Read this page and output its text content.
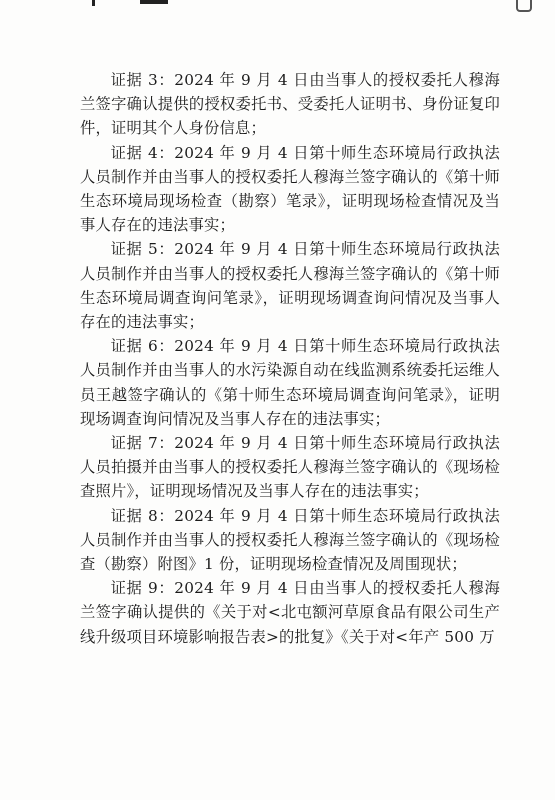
证据 3：2024 年 9 月 4 日由当事人的授权委托人穆海兰签字确认提供的授权委托书、受委托人证明书、身份证复印件，证明其个人身份信息；

证据 4：2024 年 9 月 4 日第十师生态环境局行政执法人员制作并由当事人的授权委托人穆海兰签字确认的《第十师生态环境局现场检查（勘察）笔录》，证明现场检查情况及当事人存在的违法事实；

证据 5：2024 年 9 月 4 日第十师生态环境局行政执法人员制作并由当事人的授权委托人穆海兰签字确认的《第十师生态环境局调查询问笔录》，证明现场调查询问情况及当事人存在的违法事实；

证据 6：2024 年 9 月 4 日第十师生态环境局行政执法人员制作并由当事人的水污染源自动在线监测系统委托运维人员王越签字确认的《第十师生态环境局调查询问笔录》，证明现场调查询问情况及当事人存在的违法事实；

证据 7：2024 年 9 月 4 日第十师生态环境局行政执法人员拍摄并由当事人的授权委托人穆海兰签字确认的《现场检查照片》，证明现场情况及当事人存在的违法事实；

证据 8：2024 年 9 月 4 日第十师生态环境局行政执法人员制作并由当事人的授权委托人穆海兰签字确认的《现场检查（勘察）附图》1 份，证明现场检查情况及周围现状；

证据 9：2024 年 9 月 4 日由当事人的授权委托人穆海兰签字确认提供的《关于对<北屯额河草原食品有限公司生产线升级项目环境影响报告表>的批复》《关于对<年产 500 万
